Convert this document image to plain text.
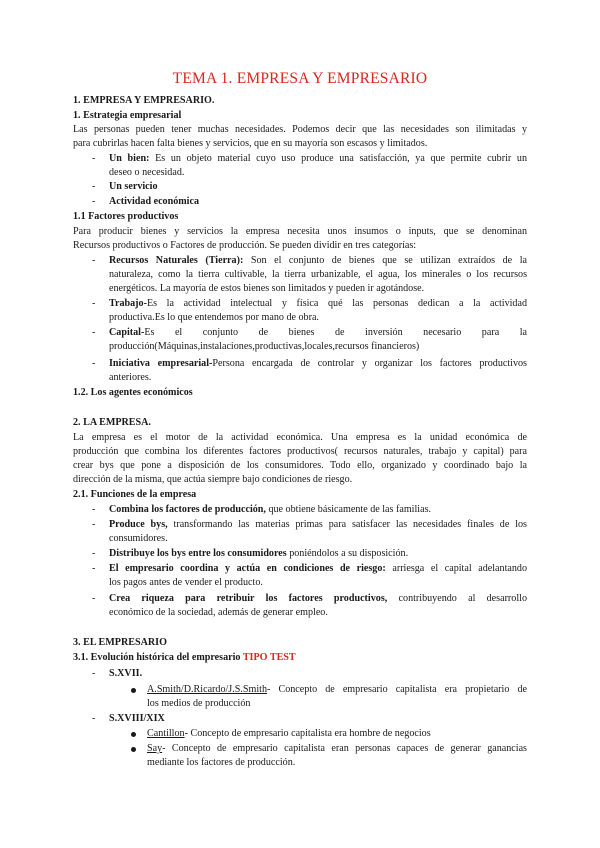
TEMA 1. EMPRESA Y EMPRESARIO
1. EMPRESA Y EMPRESARIO.
1. Estrategia empresarial
Las personas pueden tener muchas necesidades. Podemos decir que las necesidades son ilimitadas y
para cubrirlas hacen falta bienes y servicios, que en su mayoría son escasos y limitados.
- Un bien: Es un objeto material cuyo uso produce una satisfacción, ya que permite cubrir un
deseo o necesidad.
- Un servicio
- Actividad económica
1.1 Factores productivos
Para producir bienes y servicios la empresa necesita unos insumos o inputs, que se denominan
Recursos productivos o Factores de producción. Se pueden dividir en tres categorías:
- Recursos Naturales (Tierra): Son el conjunto de bienes que se utilizan extraídos de la
naturaleza, como la tierra cultivable, la tierra urbanizable, el agua, los minerales o los recursos
energéticos. La mayoría de estos bienes son limitados y pueden ir agotándose.
- Trabajo-Es la actividad intelectual y física qué las personas dedican a la actividad
productiva.Es lo que entendemos por mano de obra.
- Capital-Es el conjunto de bienes de inversión necesario para la
producción(Máquinas,instalaciones,productivas,locales,recursos financieros)
- Iniciativa empresarial-Persona encargada de controlar y organizar los factores productivos
anteriores.
1.2. Los agentes económicos
2. LA EMPRESA.
La empresa es el motor de la actividad económica. Una empresa es la unidad económica de
producción que combina los diferentes factores productivos( recursos naturales, trabajo y capital) para
crear bys que pone a disposición de los consumidores. Todo ello, organizado y coordinado bajo la
dirección de la misma, que actúa siempre bajo condiciones de riesgo.
2.1. Funciones de la empresa
- Combina los factores de producción, que obtiene básicamente de las familias.
- Produce bys, transformando las materias primas para satisfacer las necesidades finales de los
consumidores.
- Distribuye los bys entre los consumidores poniéndolos a su disposición.
- El empresario coordina y actúa en condiciones de riesgo: arriesga el capital adelantando
los pagos antes de vender el producto.
- Crea riqueza para retribuir los factores productivos, contribuyendo al desarrollo
económico de la sociedad, además de generar empleo.
3. EL EMPRESARIO
3.1. Evolución histórica del empresario TIPO TEST
- S.XVII.
A.Smith/D.Ricardo/J.S.Smith- Concepto de empresario capitalista era propietario de
los medios de producción
- S.XVIII/XIX
Cantillon- Concepto de empresario capitalista era hombre de negocios
Say- Concepto de empresario capitalista eran personas capaces de generar ganancias
mediante los factores de producción.
